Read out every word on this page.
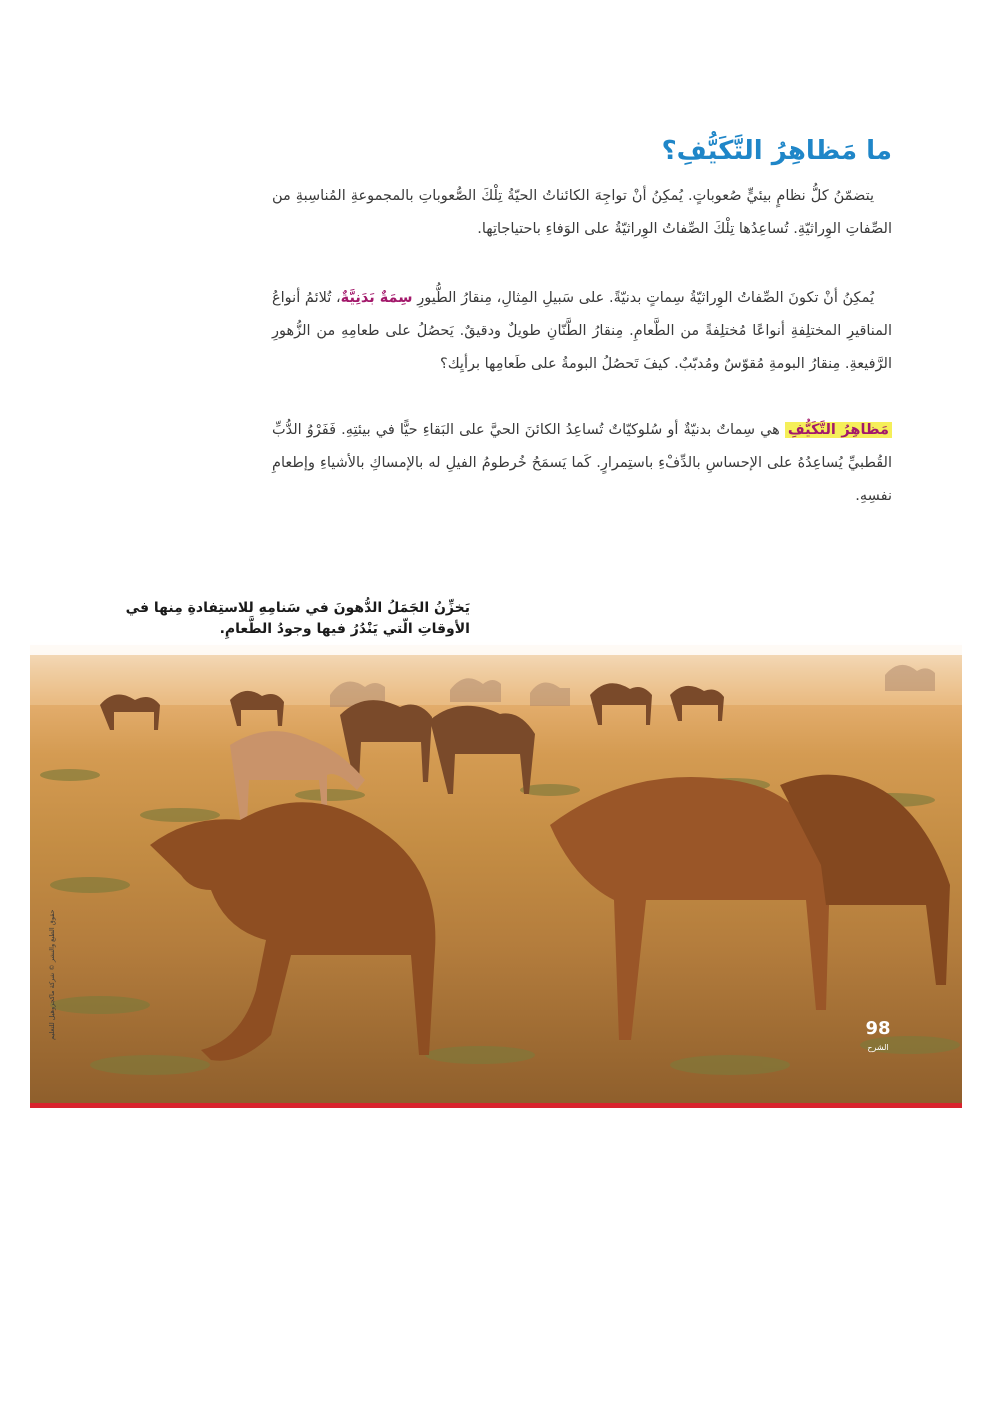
ما مَظاهِرُ التَّكَيُّفِ؟

يتضمّنُ كلُّ نظامٍ بيئيٍّ صُعوباتٍ. يُمكِنُ أنْ تواجِهَ الكائناتُ الحيّةُ تِلْكَ الصُّعوباتِ بالمجموعةِ المُناسِبةِ من الصِّفاتِ الوِراثيّةِ. تُساعِدُها تِلْكَ الصِّفاتُ الوِراثيّةُ على الوَفاءِ باحتياجاتِها.

يُمكِنُ أنْ تكونَ الصِّفاتُ الوِراثيّةُ سِماتٍ بدنيّةً. على سَبيلِ المِثالِ، مِنقارُ الطُّيورِ سِمَةٌ بَدَنِيَّةٌ، تُلائمُ أنواعُ المناقيرِ المختلِفةِ أنواعًا مُختلِفةً من الطَّعامِ. مِنقارُ الطَّنّانِ طويلٌ ودقيقٌ. يَحصُلُ على طعامِهِ من الزُّهورِ الرَّفيعةِ. مِنقارُ البومةِ مُقوّسٌ ومُدبّبٌ. كيفَ تَحصُلُ البومةُ على طَعامِها برأيِك؟

مَظاهِرُ التَّكَيُّفِ هي سِماتٌ بدنيّةٌ أو سُلوكيّاتٌ تُساعِدُ الكائنَ الحيَّ على البَقاءِ حيًّا في بيئتِهِ. فَفَرْوُ الدُّبِّ القُطبيِّ يُساعِدُهُ على الإحساسِ بالدِّفْءِ باستِمرارٍ. كَما يَسمَحُ خُرطومُ الفيلِ له بالإمساكِ بالأشياءِ وإطعامِ نفسِهِ.

يَخزِّنُ الجَمَلُ الدُّهونَ في سَنامِهِ للاستِفادةِ مِنها في الأوقاتِ الّتي يَنْدُرُ فيها وجودُ الطَّعامِ.

حقوق الطبع والنشر © شركة ماكجروهيل للتعليم	98
الشرح
